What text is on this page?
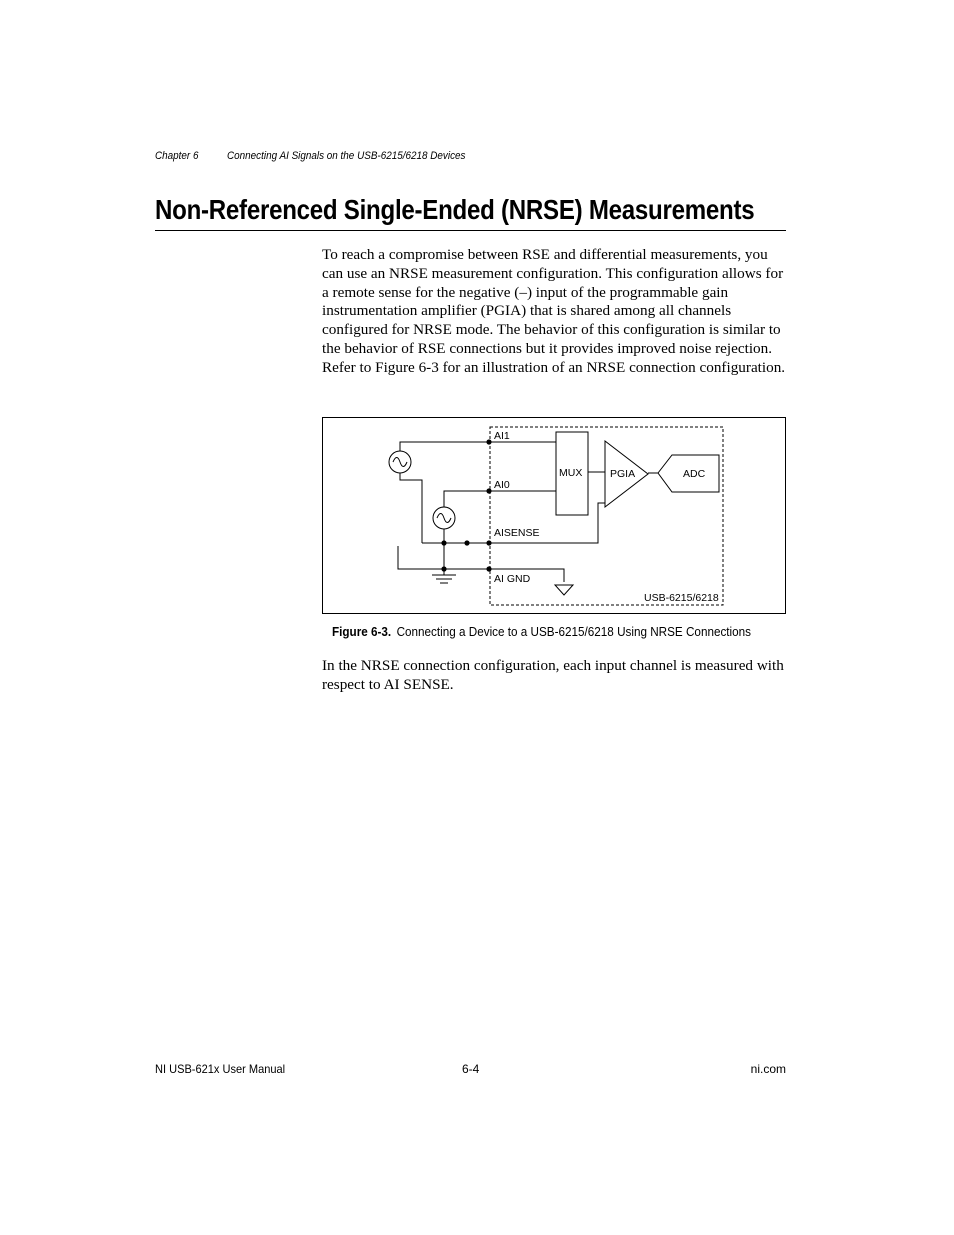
Chapter 6	Connecting AI Signals on the USB-6215/6218 Devices
Non-Referenced Single-Ended (NRSE) Measurements

To reach a compromise between RSE and differential measurements, you can use an NRSE measurement configuration. This configuration allows for a remote sense for the negative (–) input of the programmable gain instrumentation amplifier (PGIA) that is shared among all channels configured for NRSE mode. The behavior of this configuration is similar to the behavior of RSE connections but it provides improved noise rejection. Refer to Figure 6-3 for an illustration of an NRSE connection configuration.

AI1
AI0
AISENSE
AI GND
MUX	PGIA	ADC
USB-6215/6218
Figure 6-3. Connecting a Device to a USB-6215/6218 Using NRSE Connections

In the NRSE connection configuration, each input channel is measured with respect to AI SENSE.

NI USB-621x User Manual	6-4	ni.com
